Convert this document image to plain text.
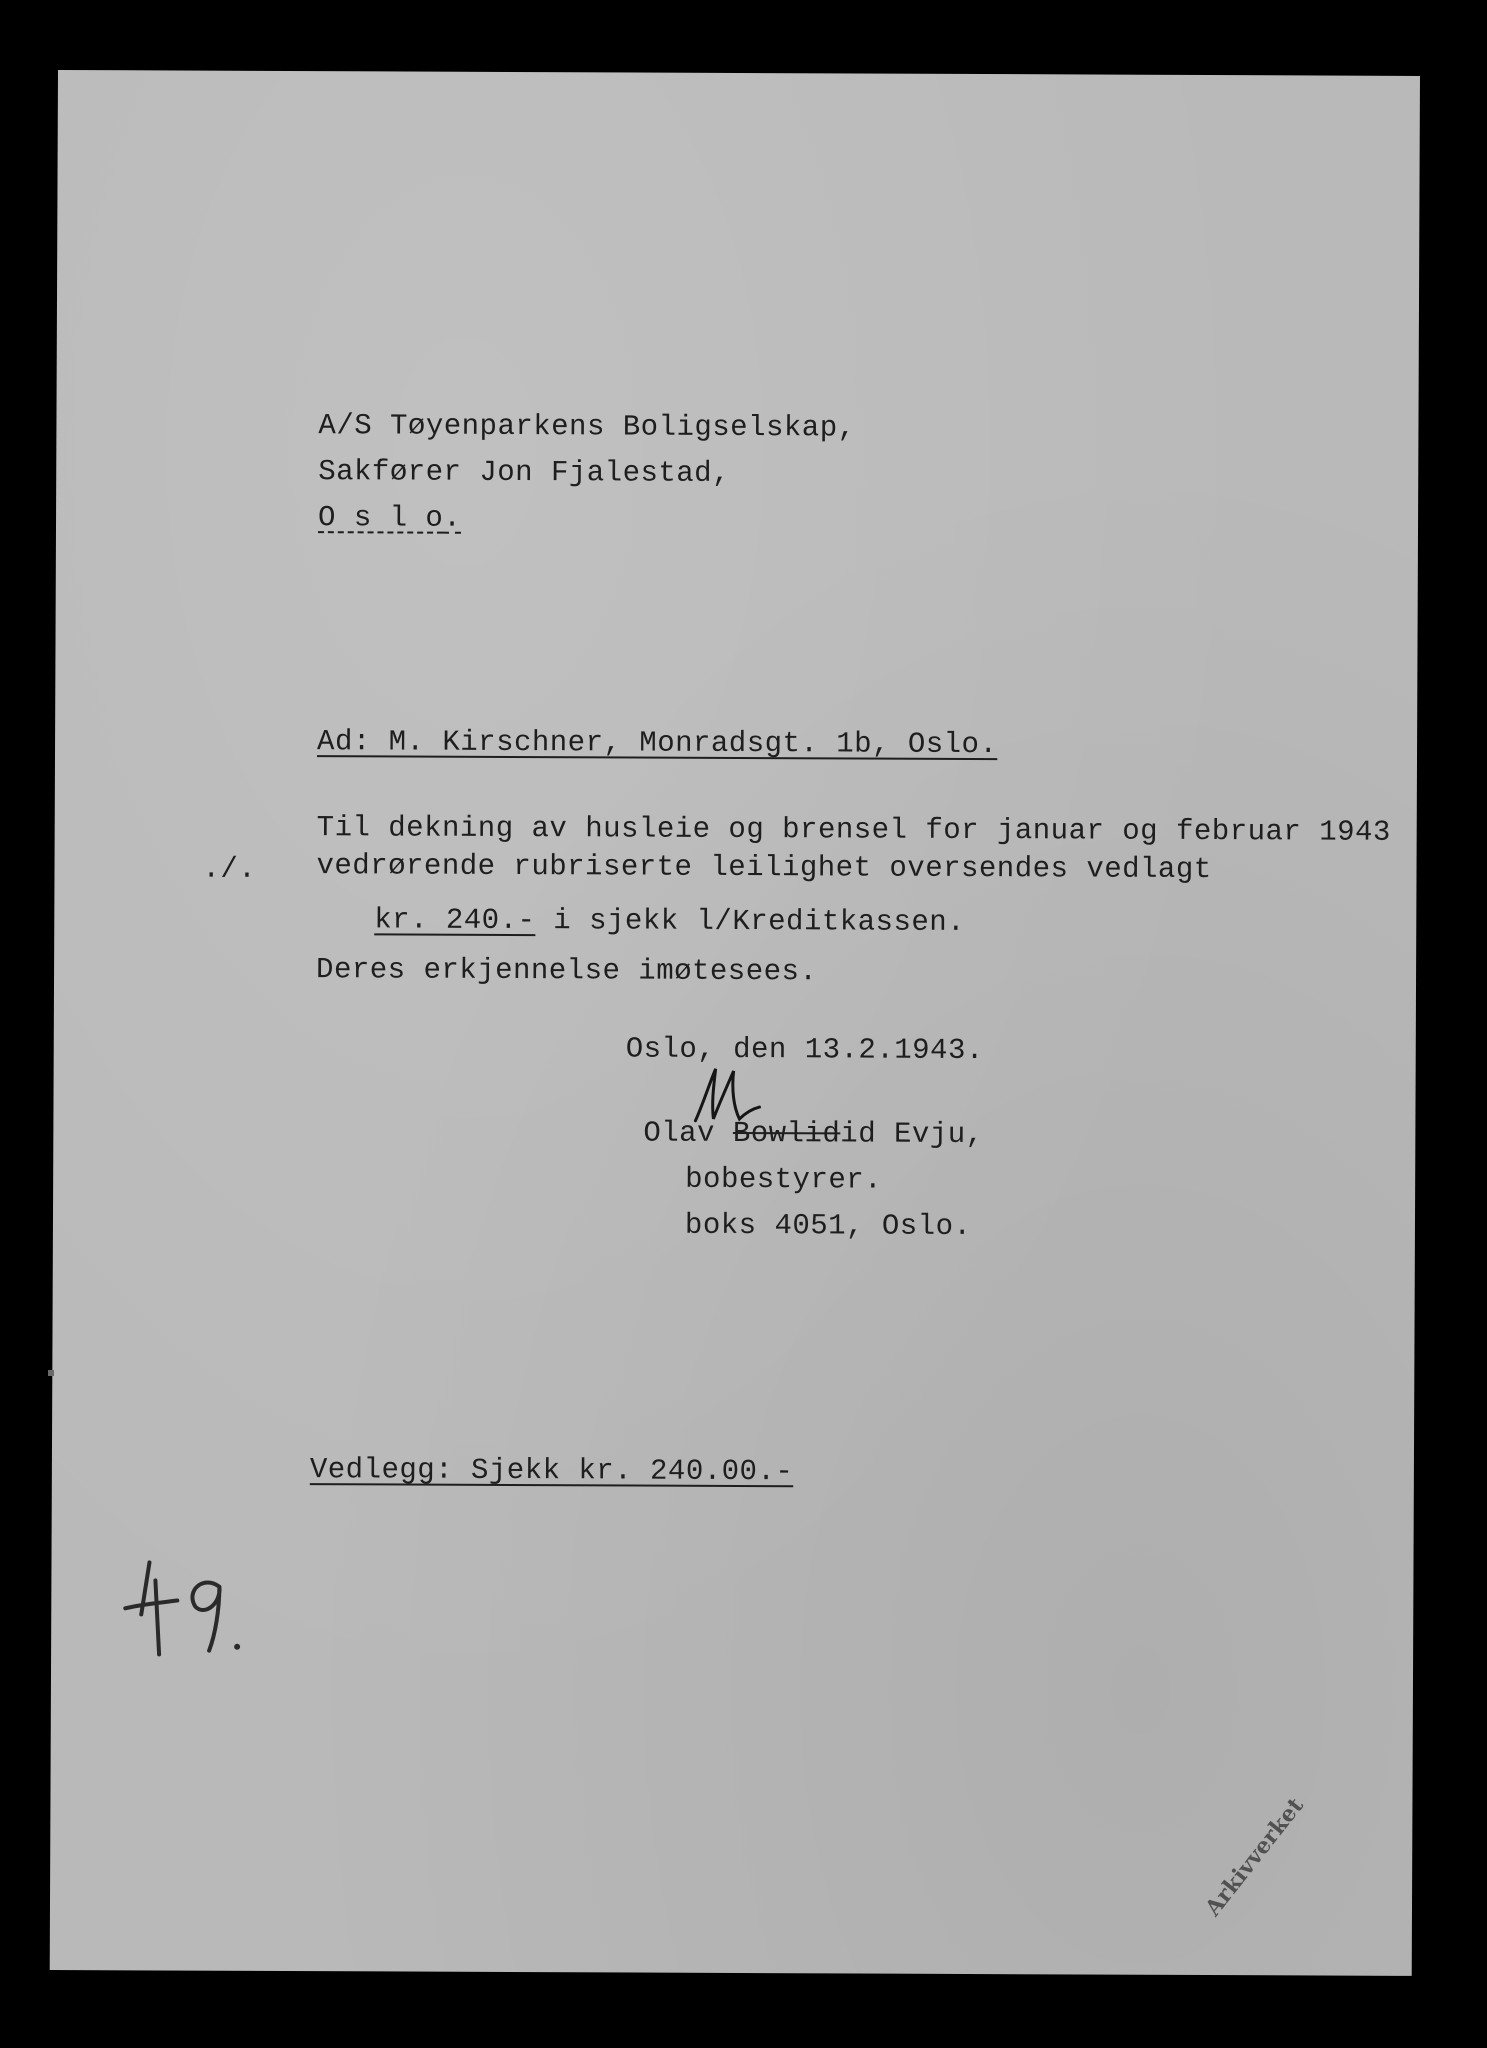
A/S Tøyenparkens Boligselskap,
Sakfører Jon Fjalestad,
O s l o.
Ad: M. Kirschner, Monradsgt. 1b, Oslo.
Til dekning av husleie og brensel for januar og februar 1943
./. vedrørende rubriserte leilighet oversendes vedlagt
kr. 240.- i sjekk l/Kreditkassen.
Deres erkjennelse imøtesees.
Oslo, den 13.2.1943.
Olav Bowlidid Evju,
bobestyrer.
boks 4051, Oslo.
Vedlegg: Sjekk kr. 240.00.-
Arkivverket
